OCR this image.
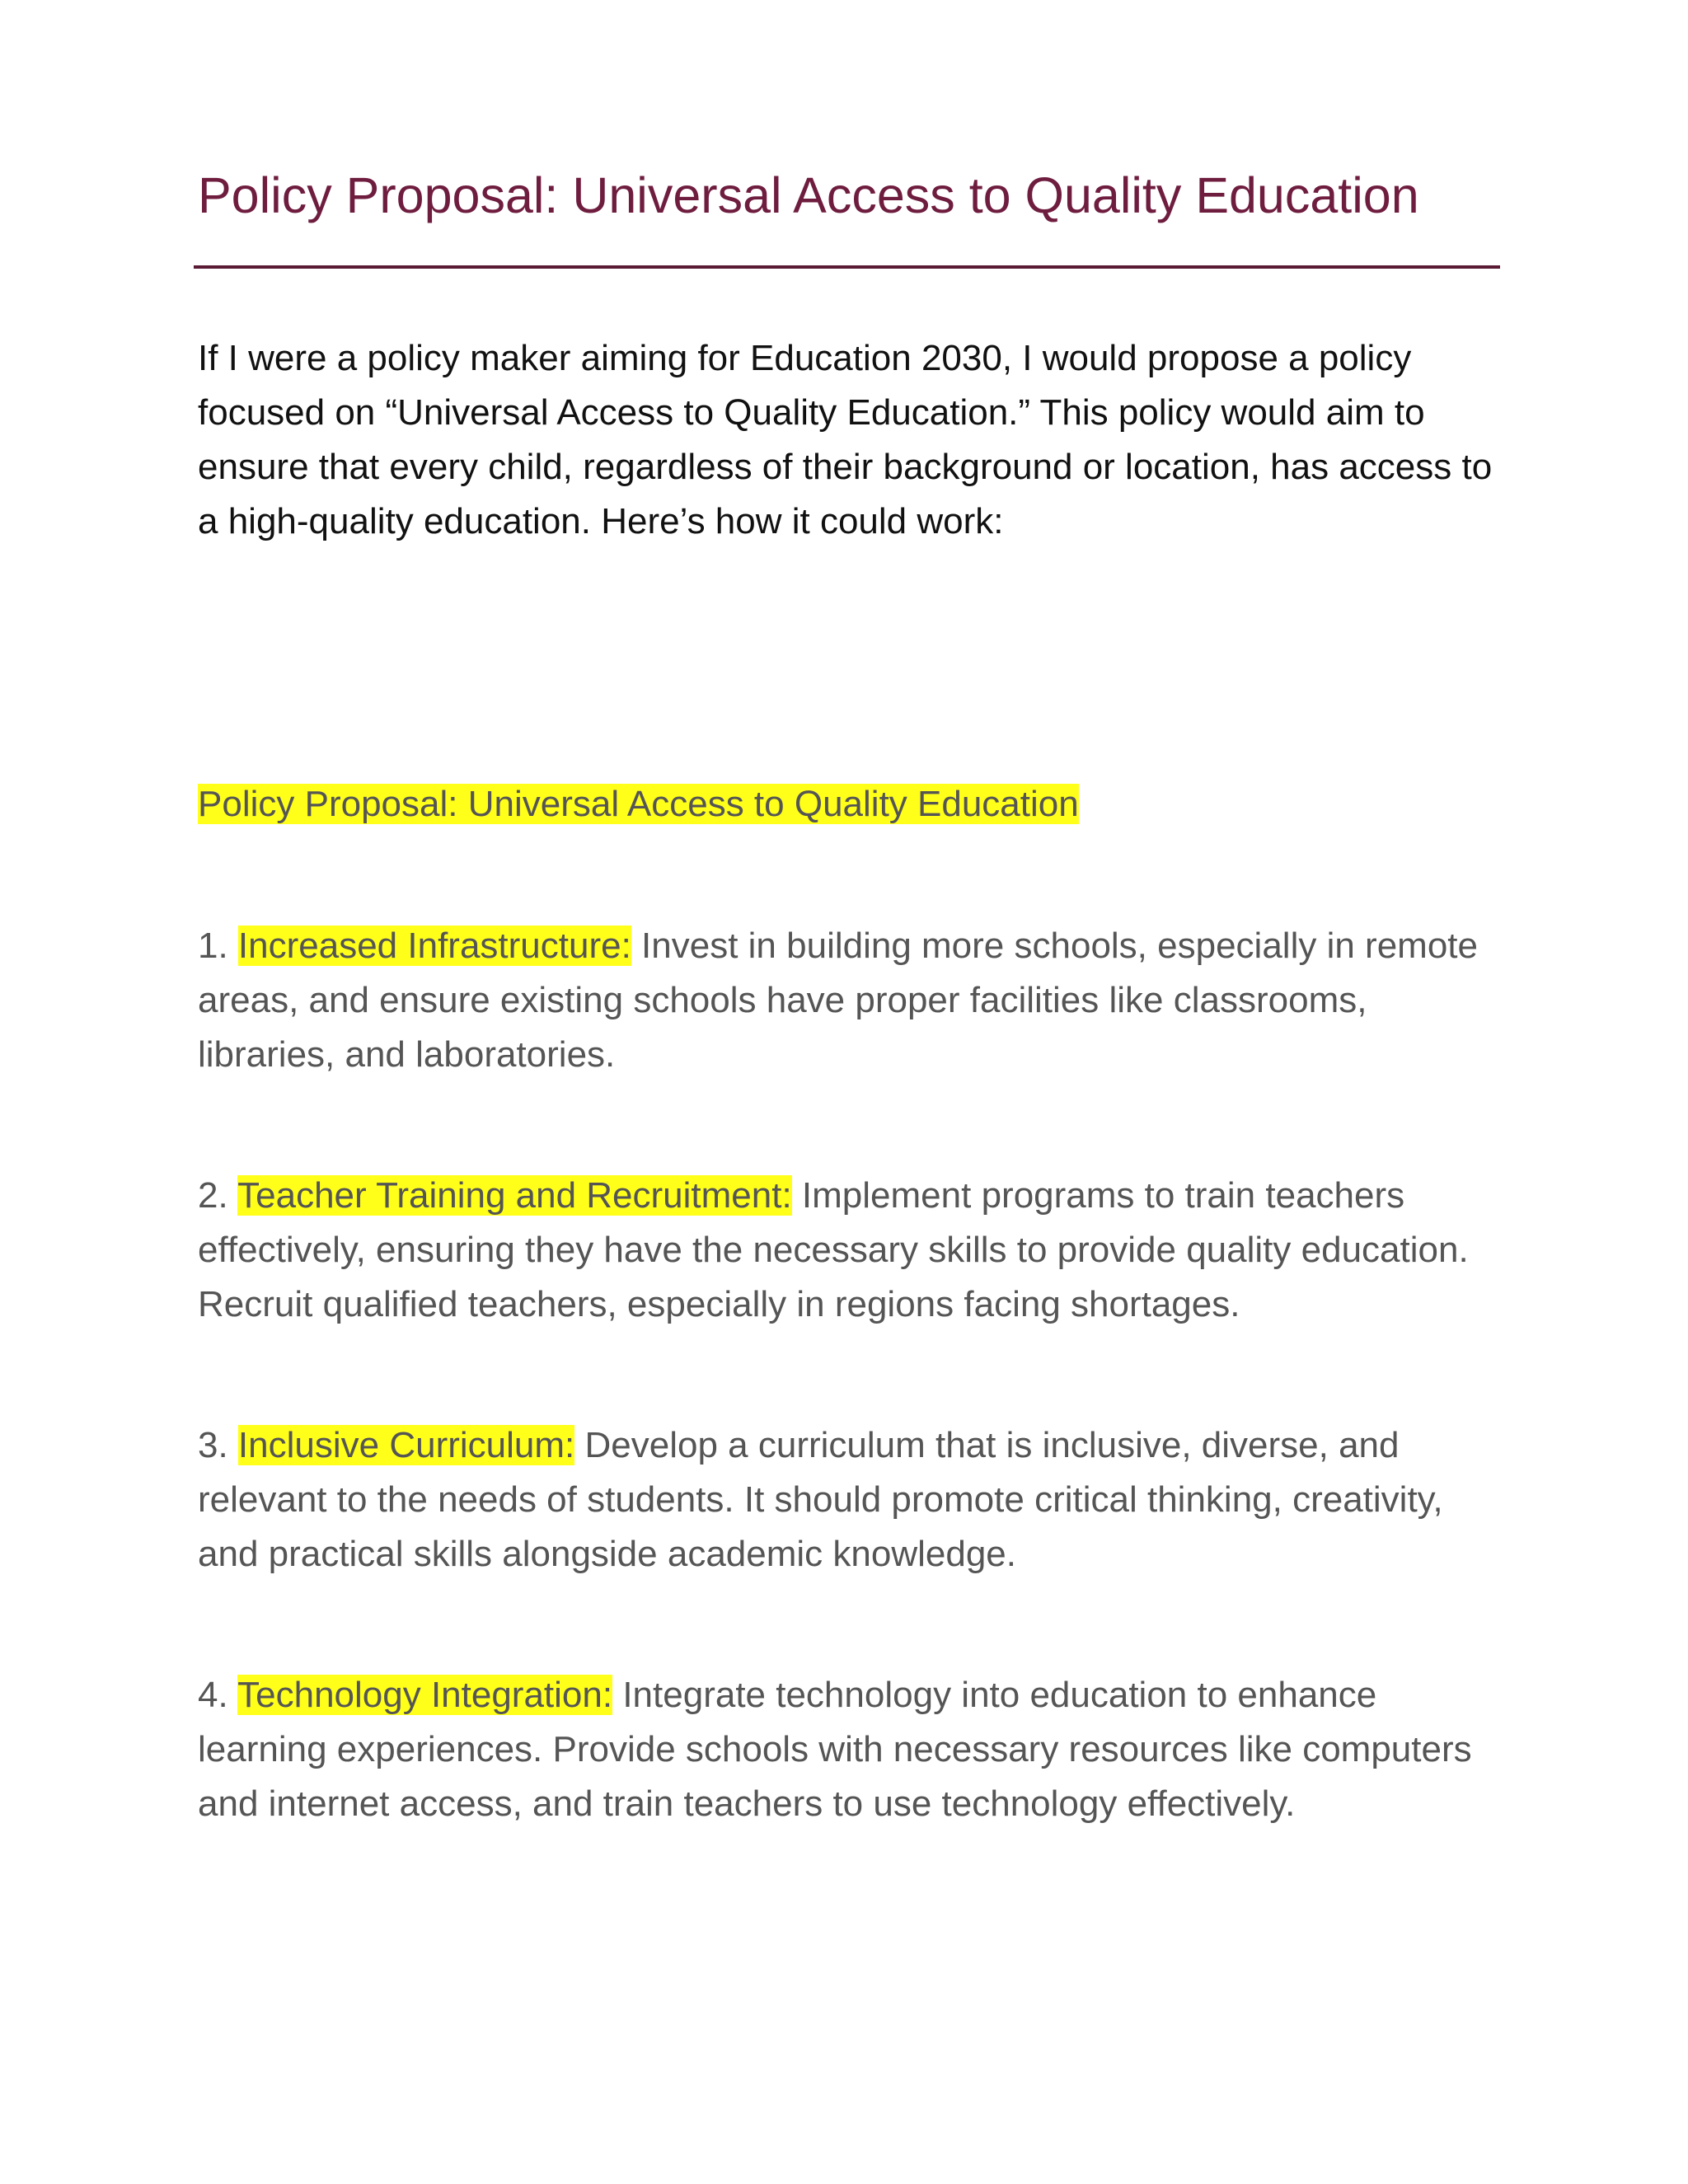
Policy Proposal: Universal Access to Quality Education

If I were a policy maker aiming for Education 2030, I would propose a policy focused on “Universal Access to Quality Education.” This policy would aim to ensure that every child, regardless of their background or location, has access to a high-quality education. Here’s how it could work:

Policy Proposal: Universal Access to Quality Education

1. Increased Infrastructure: Invest in building more schools, especially in remote areas, and ensure existing schools have proper facilities like classrooms, libraries, and laboratories.

2. Teacher Training and Recruitment: Implement programs to train teachers effectively, ensuring they have the necessary skills to provide quality education. Recruit qualified teachers, especially in regions facing shortages.

3. Inclusive Curriculum: Develop a curriculum that is inclusive, diverse, and relevant to the needs of students. It should promote critical thinking, creativity, and practical skills alongside academic knowledge.

4. Technology Integration: Integrate technology into education to enhance learning experiences. Provide schools with necessary resources like computers and internet access, and train teachers to use technology effectively.
